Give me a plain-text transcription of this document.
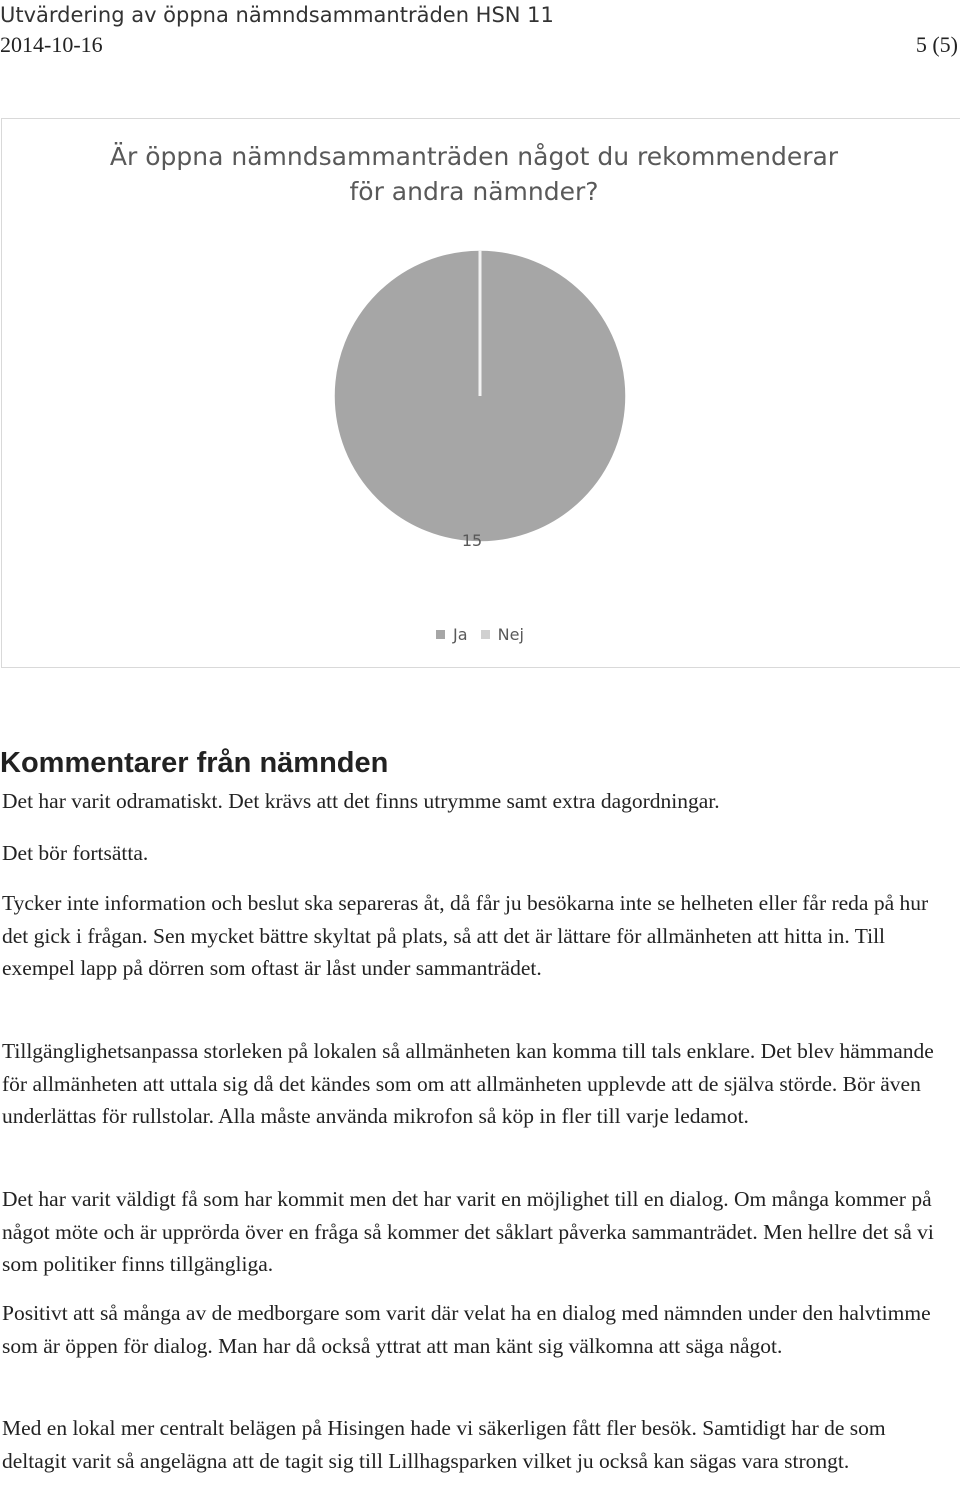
Utvärdering av öppna nämndsammanträden HSN 11
2014-10-16	5 (5)
Är öppna nämndsammanträden något du rekommenderar
för andra nämnder?
15
Ja Nej
Kommentarer från nämnden

Det har varit odramatiskt. Det krävs att det finns utrymme samt extra dagordningar.

Det bör fortsätta.

Tycker inte information och beslut ska separeras åt, då får ju besökarna inte se helheten eller får reda på hur det gick i frågan. Sen mycket bättre skyltat på plats, så att det är lättare för allmänheten att hitta in. Till exempel lapp på dörren som oftast är låst under sammanträdet.

Tillgänglighetsanpassa storleken på lokalen så allmänheten kan komma till tals enklare. Det blev hämmande för allmänheten att uttala sig då det kändes som om att allmänheten upplevde att de själva störde. Bör även underlättas för rullstolar. Alla måste använda mikrofon så köp in fler till varje ledamot.

Det har varit väldigt få som har kommit men det har varit en möjlighet till en dialog. Om många kommer på något möte och är upprörda över en fråga så kommer det såklart påverka sammanträdet. Men hellre det så vi som politiker finns tillgängliga.

Positivt att så många av de medborgare som varit där velat ha en dialog med nämnden under den halvtimme som är öppen för dialog. Man har då också yttrat att man känt sig välkomna att säga något.

Med en lokal mer centralt belägen på Hisingen hade vi säkerligen fått fler besök. Samtidigt har de som deltagit varit så angelägna att de tagit sig till Lillhagsparken vilket ju också kan sägas vara strongt.
